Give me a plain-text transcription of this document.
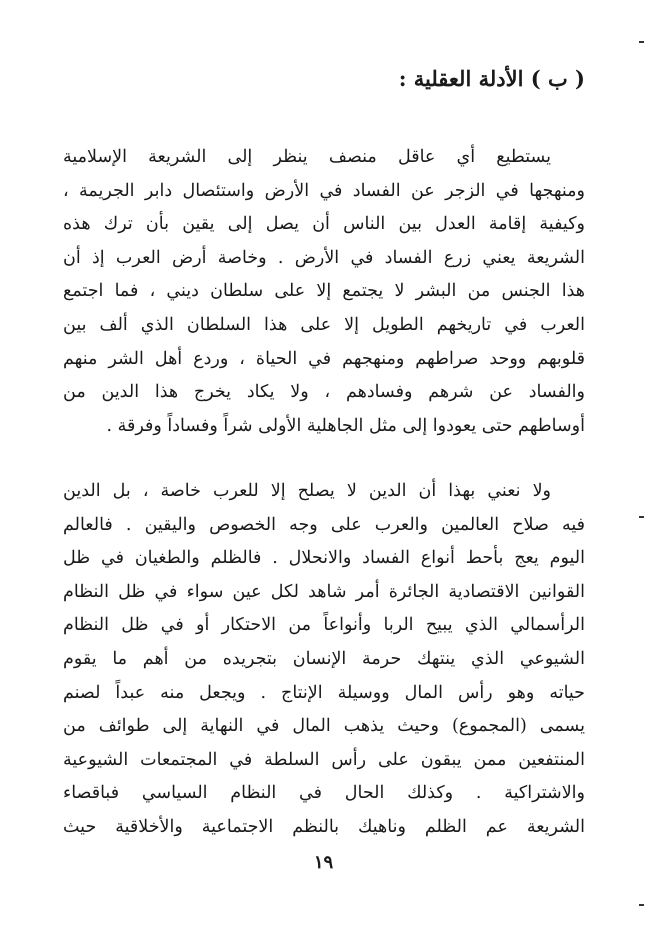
( ب ) الأدلة العقلية :
يستطيع أي عاقل منصف ينظر إلى الشريعة الإسلامية
ومنهجها في الزجر عن الفساد في الأرض واستئصال دابر الجريمة ،
وكيفية إقامة العدل بين الناس أن يصل إلى يقين بأن ترك هذه
الشريعة يعني زرع الفساد في الأرض . وخاصة أرض العرب إذ أن
هذا الجنس من البشر لا يجتمع إلا على سلطان ديني ، فما اجتمع
العرب في تاريخهم الطويل إلا على هذا السلطان الذي ألف بين
قلوبهم ووحد صراطهم ومنهجهم في الحياة ، وردع أهل الشر منهم
والفساد عن شرهم وفسادهم ، ولا يكاد يخرج هذا الدين من
أوساطهم حتى يعودوا إلى مثل الجاهلية الأولى شراً وفساداً وفرقة .
ولا نعني بهذا أن الدين لا يصلح إلا للعرب خاصة ، بل الدين
فيه صلاح العالمين والعرب على وجه الخصوص واليقين . فالعالم
اليوم يعج بأحط أنواع الفساد والانحلال . فالظلم والطغيان في ظل
القوانين الاقتصادية الجائرة أمر شاهد لكل عين سواء في ظل النظام
الرأسمالي الذي يبيح الربا وأنواعاً من الاحتكار أو في ظل النظام
الشيوعي الذي ينتهك حرمة الإنسان بتجريده من أهم ما يقوم
حياته وهو رأس المال ووسيلة الإنتاج . ويجعل منه عبداً لصنم
يسمى (المجموع) وحيث يذهب المال في النهاية إلى طوائف من
المنتفعين ممن يبقون على رأس السلطة في المجتمعات الشيوعية
والاشتراكية . وكذلك الحال في النظام السياسي فباقصاء
الشريعة عم الظلم وناهيك بالنظم الاجتماعية والأخلاقية حيث

١٩
